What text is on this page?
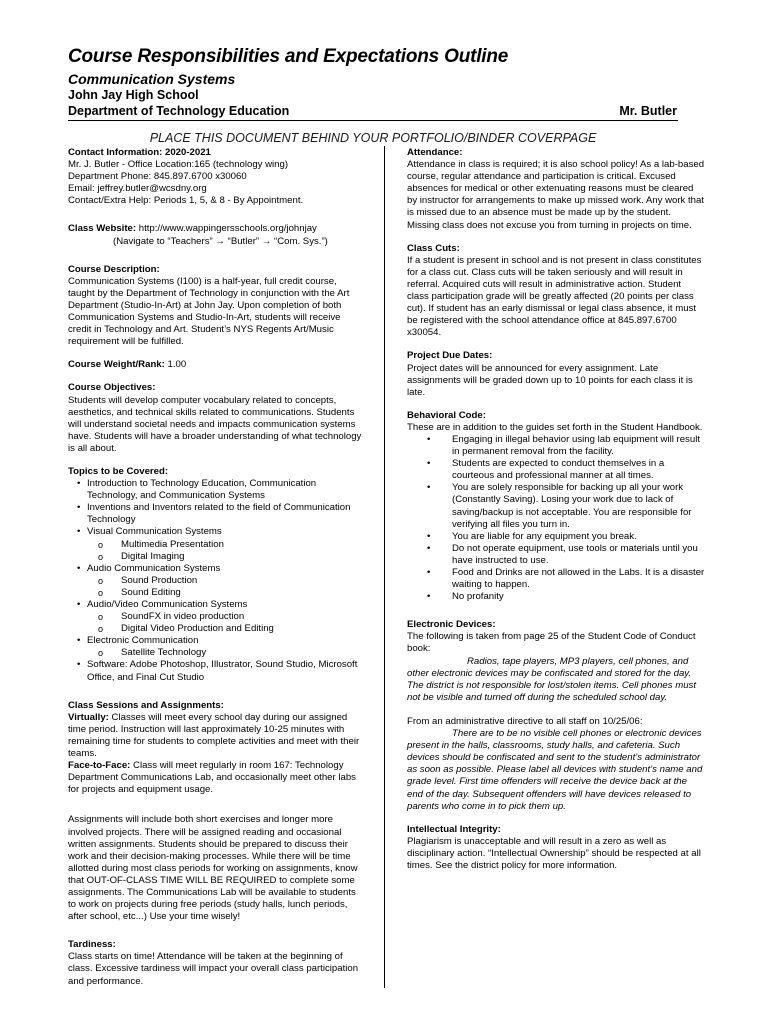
Course Responsibilities and Expectations Outline
Communication Systems
John Jay High School
Department of Technology Education	Mr. Butler
PLACE THIS DOCUMENT BEHIND YOUR PORTFOLIO/BINDER COVERPAGE
Contact Information: 2020-2021

Mr. J. Butler ‐ Office Location:165 (technology wing)

Department Phone: 845.897.6700 x30060

Email: jeffrey.butler@wcsdny.org

Contact/Extra Help: Periods 1, 5, & 8 ‐ By Appointment.

Class Website: http://www.wappingersschools.org/johnjay

(Navigate to “Teachers” → “Butler” → “Com. Sys.”)

Course Description:

Communication Systems (I100) is a half-year, full credit course, taught by the Department of Technology in conjunction with the Art Department (Studio-In-Art) at John Jay. Upon completion of both Communication Systems and Studio-In-Art, students will receive credit in Technology and Art. Student’s NYS Regents Art/Music requirement will be fulfilled.

Course Weight/Rank: 1.00

Course Objectives:

Students will develop computer vocabulary related to concepts, aesthetics, and technical skills related to communications. Students will understand societal needs and impacts communication systems have. Students will have a broader understanding of what technology is all about.

Topics to be Covered:
• Introduction to Technology Education, Communication Technology, and Communication Systems
• Inventions and Inventors related to the field of Communication Technology
• Visual Communication Systems
o Multimedia Presentation
o Digital Imaging
• Audio Communication Systems
o Sound Production
o Sound Editing
• Audio/Video Communication Systems
o SoundFX in video production
o Digital Video Production and Editing
• Electronic Communication
o Satellite Technology
• Software: Adobe Photoshop, Illustrator, Sound Studio, Microsoft Office, and Final Cut Studio
Class Sessions and Assignments:

Virtually: Classes will meet every school day during our assigned time period. Instruction will last approximately 10-25 minutes with remaining time for students to complete activities and meet with their teams.

Face-to-Face: Class will meet regularly in room 167: Technology Department Communications Lab, and occasionally meet other labs for projects and equipment usage.

Assignments will include both short exercises and longer more involved projects. There will be assigned reading and occasional written assignments. Students should be prepared to discuss their work and their decision-making processes. While there will be time allotted during most class periods for working on assignments, know that OUT-OF-CLASS TIME WILL BE REQUIRED to complete some assignments. The Communications Lab will be available to students to work on projects during free periods (study halls, lunch periods, after school, etc...) Use your time wisely!

Tardiness:

Class starts on time! Attendance will be taken at the beginning of class. Excessive tardiness will impact your overall class participation and performance.

Attendance:

Attendance in class is required; it is also school policy! As a lab-based course, regular attendance and participation is critical. Excused absences for medical or other extenuating reasons must be cleared by instructor for arrangements to make up missed work. Any work that is missed due to an absence must be made up by the student. Missing class does not excuse you from turning in projects on time.

Class Cuts:

If a student is present in school and is not present in class constitutes for a class cut. Class cuts will be taken seriously and will result in referral. Acquired cuts will result in administrative action. Student class participation grade will be greatly affected (20 points per class cut). If student has an early dismissal or legal class absence, it must be registered with the school attendance office at 845.897.6700 x30054.

Project Due Dates:

Project dates will be announced for every assignment. Late assignments will be graded down up to 10 points for each class it is late.

Behavioral Code:

These are in addition to the guides set forth in the Student Handbook.

• Engaging in illegal behavior using lab equipment will result in permanent removal from the facility.
• Students are expected to conduct themselves in a courteous and professional manner at all times.
• You are solely responsible for backing up all your work (Constantly Saving). Losing your work due to lack of saving/backup is not acceptable. You are responsible for verifying all files you turn in.
• You are liable for any equipment you break.
• Do not operate equipment, use tools or materials until you have instructed to use.
• Food and Drinks are not allowed in the Labs. It is a disaster waiting to happen.
• No profanity
Electronic Devices:

The following is taken from page 25 of the Student Code of Conduct book:

Radios, tape players, MP3 players, cell phones, and other electronic devices may be confiscated and stored for the day. The district is not responsible for lost/stolen items. Cell phones must not be visible and turned off during the scheduled school day.

From an administrative directive to all staff on 10/25/06:

There are to be no visible cell phones or electronic devices present in the halls, classrooms, study halls, and cafeteria. Such devices should be confiscated and sent to the student’s administrator as soon as possible. Please label all devices with student’s name and grade level. First time offenders will receive the device back at the end of the day. Subsequent offenders will have devices released to parents who come in to pick them up.

Intellectual Integrity:

Plagiarism is unacceptable and will result in a zero as well as disciplinary action. “Intellectual Ownership” should be respected at all times. See the district policy for more information.
